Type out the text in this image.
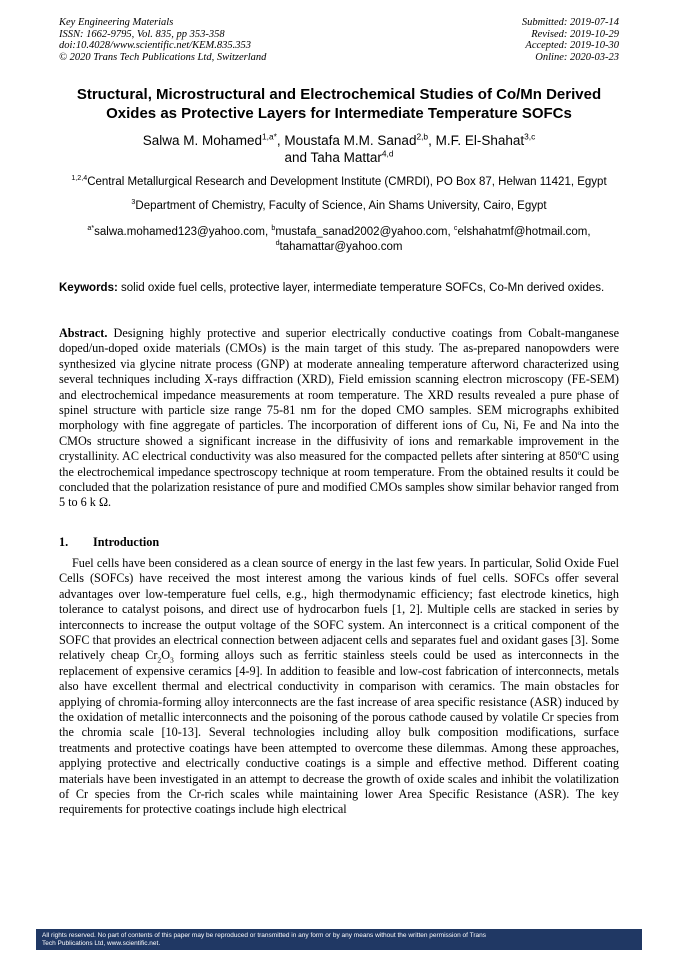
Key Engineering Materials
ISSN: 1662-9795, Vol. 835, pp 353-358
doi:10.4028/www.scientific.net/KEM.835.353
© 2020 Trans Tech Publications Ltd, Switzerland
Submitted: 2019-07-14
Revised: 2019-10-29
Accepted: 2019-10-30
Online: 2020-03-23
Structural, Microstructural and Electrochemical Studies of Co/Mn Derived Oxides as Protective Layers for Intermediate Temperature SOFCs
Salwa M. Mohamed$^{1,a*}$, Moustafa M.M. Sanad$^{2,b}$, M.F. El-Shahat$^{3,c}$
and Taha Mattar$^{4,d}$
$^{1,2,4}$Central Metallurgical Research and Development Institute (CMRDI), PO Box 87, Helwan 11421, Egypt
$^3$Department of Chemistry, Faculty of Science, Ain Shams University, Cairo, Egypt
$^{a*}$salwa.mohamed123@yahoo.com, $^b$mustafa_sanad2002@yahoo.com, $^c$elshahatmf@hotmail.com, $^d$tahamattar@yahoo.com

Keywords: solid oxide fuel cells, protective layer, intermediate temperature SOFCs, Co-Mn derived oxides.

Abstract. Designing highly protective and superior electrically conductive coatings from Cobalt-manganese doped/un-doped oxide materials (CMOs) is the main target of this study. The as-prepared nanopowders were synthesized via glycine nitrate process (GNP) at moderate annealing temperature afterword characterized using several techniques including X-rays diffraction (XRD), Field emission scanning electron microscopy (FE-SEM) and electrochemical impedance measurements at room temperature. The XRD results revealed a pure phase of spinel structure with particle size range 75-81 nm for the doped CMO samples. SEM micrographs exhibited morphology with fine aggregate of particles. The incorporation of different ions of Cu, Ni, Fe and Na into the CMOs structure showed a significant increase in the diffusivity of ions and remarkable improvement in the crystallinity. AC electrical conductivity was also measured for the compacted pellets after sintering at 850$^o$C using the electrochemical impedance spectroscopy technique at room temperature. From the obtained results it could be concluded that the polarization resistance of pure and modified CMOs samples show similar behavior ranged from 5 to 6 k Ω.

1. Introduction

Fuel cells have been considered as a clean source of energy in the last few years. In particular, Solid Oxide Fuel Cells (SOFCs) have received the most interest among the various kinds of fuel cells. SOFCs offer several advantages over low-temperature fuel cells, e.g., high thermodynamic efficiency; fast electrode kinetics, high tolerance to catalyst poisons, and direct use of hydrocarbon fuels [1, 2]. Multiple cells are stacked in series by interconnects to increase the output voltage of the SOFC system. An interconnect is a critical component of the SOFC that provides an electrical connection between adjacent cells and separates fuel and oxidant gases [3]. Some relatively cheap $Cr_2O_3$ forming alloys such as ferritic stainless steels could be used as interconnects in the replacement of expensive ceramics [4-9]. In addition to feasible and low-cost fabrication of interconnects, metals also have excellent thermal and electrical conductivity in comparison with ceramics. The main obstacles for applying of chromia-forming alloy interconnects are the fast increase of area specific resistance (ASR) induced by the oxidation of metallic interconnects and the poisoning of the porous cathode caused by volatile Cr species from the chromia scale [10-13]. Several technologies including alloy bulk composition modifications, surface treatments and protective coatings have been attempted to overcome these dilemmas. Among these approaches, applying protective and electrically conductive coatings is a simple and effective method. Different coating materials have been investigated in an attempt to decrease the growth of oxide scales and inhibit the volatilization of Cr species from the Cr-rich scales while maintaining lower Area Specific Resistance (ASR). The key requirements for protective coatings include high electrical

All rights reserved. No part of contents of this paper may be reproduced or transmitted in any form or by any means without the written permission of Trans
Tech Publications Ltd, www.scientific.net.
